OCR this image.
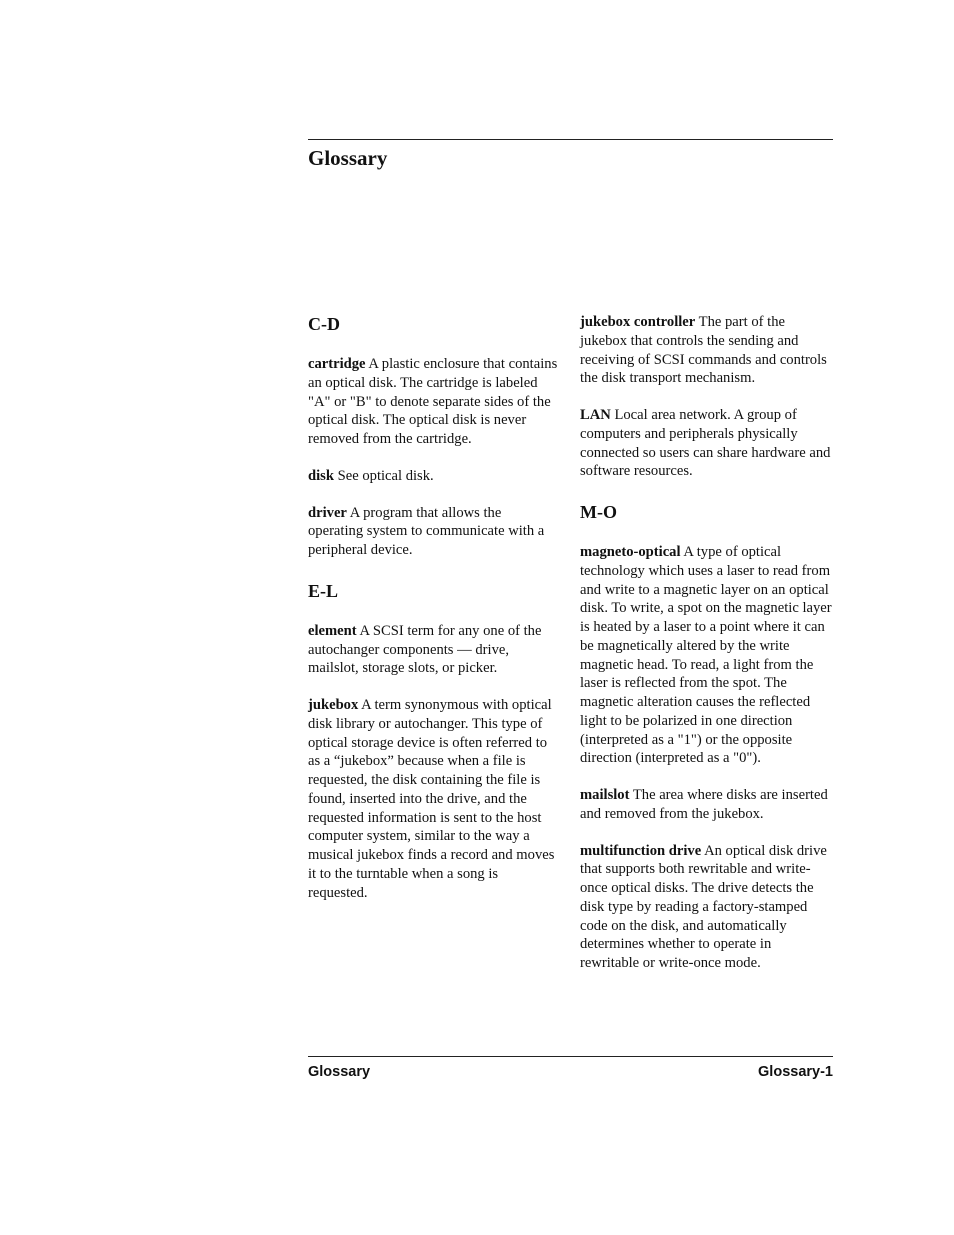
Glossary
C-D

cartridge A plastic enclosure that contains an optical disk. The cartridge is labeled "A" or "B" to denote separate sides of the optical disk. The optical disk is never removed from the cartridge.

disk See optical disk.

driver A program that allows the operating system to communicate with a peripheral device.

E-L

element A SCSI term for any one of the autochanger components — drive, mailslot, storage slots, or picker.

jukebox A term synonymous with optical disk library or autochanger. This type of optical storage device is often referred to as a “jukebox” because when a file is requested, the disk containing the file is found, inserted into the drive, and the requested information is sent to the host computer system, similar to the way a musical jukebox finds a record and moves it to the turntable when a song is requested.

jukebox controller The part of the jukebox that controls the sending and receiving of SCSI commands and controls the disk transport mechanism.

LAN Local area network. A group of computers and peripherals physically connected so users can share hardware and software resources.

M-O

magneto-optical A type of optical technology which uses a laser to read from and write to a magnetic layer on an optical disk. To write, a spot on the magnetic layer is heated by a laser to a point where it can be magnetically altered by the write magnetic head. To read, a light from the laser is reflected from the spot. The magnetic alteration causes the reflected light to be polarized in one direction (interpreted as a "1") or the opposite direction (interpreted as a "0").

mailslot The area where disks are inserted and removed from the jukebox.

multifunction drive An optical disk drive that supports both rewritable and write-once optical disks. The drive detects the disk type by reading a factory-stamped code on the disk, and automatically determines whether to operate in rewritable or write-once mode.

Glossary	Glossary-1
